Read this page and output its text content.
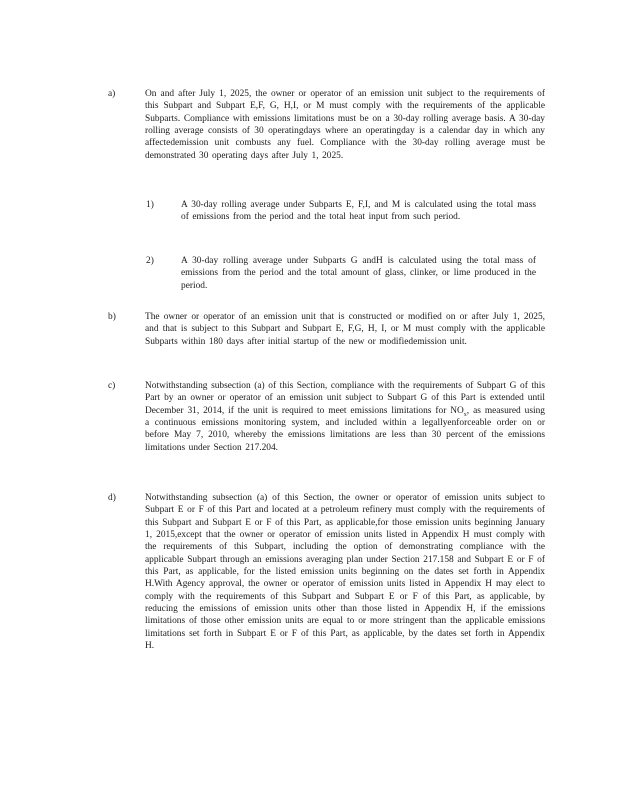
a)	On and after July 1, 2025, the owner or operator of an emission unit subject to the requirements of this Subpart and Subpart E,F, G, H,I, or M must comply with the requirements of the applicable Subparts. Compliance with emissions limitations must be on a 30-day rolling average basis. A 30-day rolling average consists of 30 operatingdays where an operatingday is a calendar day in which any affectedemission unit combusts any fuel. Compliance with the 30-day rolling average must be demonstrated 30 operating days after July 1, 2025.
1)	A 30-day rolling average under Subparts E, F,I, and M is calculated using the total mass of emissions from the period and the total heat input from such period.
2)	A 30-day rolling average under Subparts G andH is calculated using the total mass of emissions from the period and the total amount of glass, clinker, or lime produced in the period.
b)	The owner or operator of an emission unit that is constructed or modified on or after July 1, 2025, and that is subject to this Subpart and Subpart E, F,G, H, I, or M must comply with the applicable Subparts within 180 days after initial startup of the new or modifiedemission unit.
c)	Notwithstanding subsection (a) of this Section, compliance with the requirements of Subpart G of this Part by an owner or operator of an emission unit subject to Subpart G of this Part is extended until December 31, 2014, if the unit is required to meet emissions limitations for $NO_x$, as measured using a continuous emissions monitoring system, and included within a legallyenforceable order on or before May 7, 2010, whereby the emissions limitations are less than 30 percent of the emissions limitations under Section 217.204.
d)	Notwithstanding subsection (a) of this Section, the owner or operator of emission units subject to Subpart E or F of this Part and located at a petroleum refinery must comply with the requirements of this Subpart and Subpart E or F of this Part, as applicable,for those emission units beginning January 1, 2015,except that the owner or operator of emission units listed in Appendix H must comply with the requirements of this Subpart, including the option of demonstrating compliance with the applicable Subpart through an emissions averaging plan under Section 217.158 and Subpart E or F of this Part, as applicable, for the listed emission units beginning on the dates set forth in Appendix H.With Agency approval, the owner or operator of emission units listed in Appendix H may elect to comply with the requirements of this Subpart and Subpart E or F of this Part, as applicable, by reducing the emissions of emission units other than those listed in Appendix H, if the emissions limitations of those other emission units are equal to or more stringent than the applicable emissions limitations set forth in Subpart E or F of this Part, as applicable, by the dates set forth in Appendix H.
